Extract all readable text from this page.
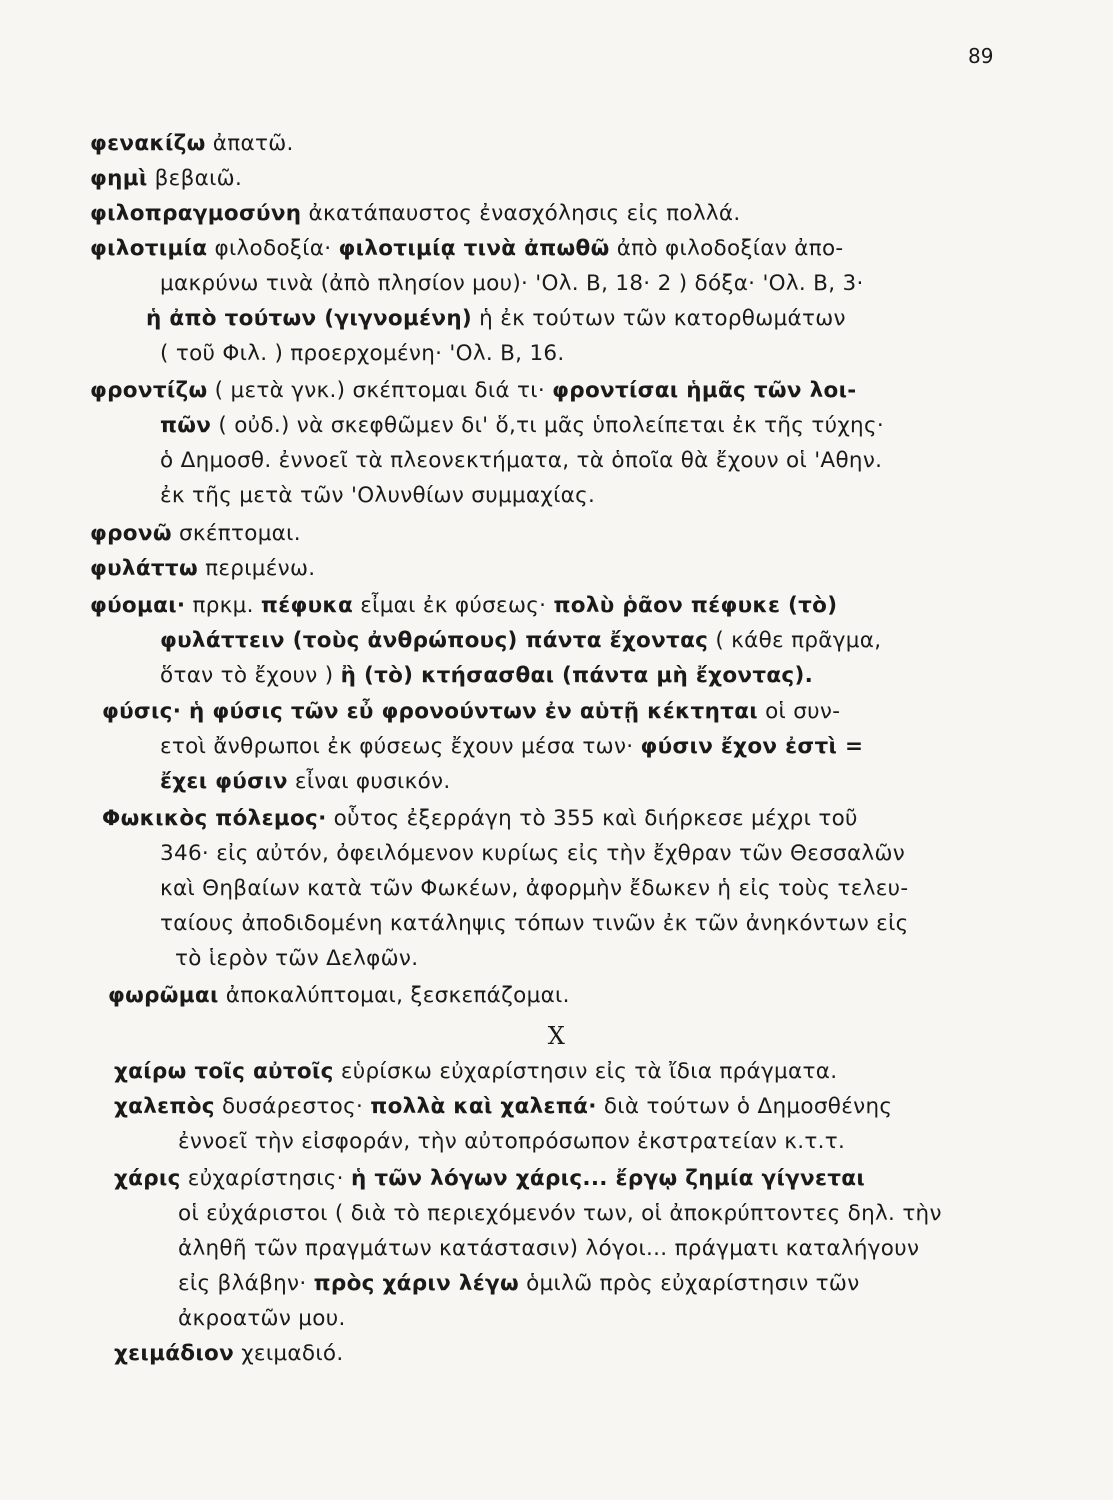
89
φενακίζω ἀπατῶ.
φημὶ βεβαιῶ.
φιλοπραγμοσύνη ἀκατάπαυστος ἐνασχόλησις εἰς πολλά.
φιλοτιμία φιλοδοξία· φιλοτιμίᾳ τινὰ ἀπωθῶ ἀπὸ φιλοδοξίαν ἀπο-
μακρύνω τινὰ (ἀπὸ πλησίον μου)· 'Ολ. Β, 18· 2 ) δόξα· 'Ολ. Β, 3·
ἡ ἀπὸ τούτων (γιγνομένη) ἡ ἐκ τούτων τῶν κατορθωμάτων
( τοῦ Φιλ. ) προερχομένη· 'Ολ. Β, 16.
φροντίζω ( μετὰ γνκ.) σκέπτομαι διά τι· φροντίσαι ἡμᾶς τῶν λοι-
πῶν ( οὐδ.) νὰ σκεφθῶμεν δι' ὅ,τι μᾶς ὑπολείπεται ἐκ τῆς τύχης·
ὁ Δημοσθ. ἐννοεῖ τὰ πλεονεκτήματα, τὰ ὁποῖα θὰ ἔχουν οἱ 'Αθην.
ἐκ τῆς μετὰ τῶν 'Ολυνθίων συμμαχίας.
φρονῶ σκέπτομαι.
φυλάττω περιμένω.
φύομαι· πρκμ. πέφυκα εἶμαι ἐκ φύσεως· πολὺ ῥᾶον πέφυκε (τὸ)
φυλάττειν (τοὺς ἀνθρώπους) πάντα ἔχοντας ( κάθε πρᾶγμα,
ὅταν τὸ ἔχουν ) ἢ (τὸ) κτήσασθαι (πάντα μὴ ἔχοντας).
φύσις· ἡ φύσις τῶν εὖ φρονούντων ἐν αὑτῇ κέκτηται οἱ συν-
ετοὶ ἄνθρωποι ἐκ φύσεως ἔχουν μέσα των· φύσιν ἔχον ἐστὶ =
ἔχει φύσιν εἶναι φυσικόν.
Φωκικὸς πόλεμος· οὗτος ἐξερράγη τὸ 355 καὶ διήρκεσε μέχρι τοῦ
346· εἰς αὐτόν, ὀφειλόμενον κυρίως εἰς τὴν ἔχθραν τῶν Θεσσαλῶν
καὶ Θηβαίων κατὰ τῶν Φωκέων, ἀφορμὴν ἔδωκεν ἡ εἰς τοὺς τελευ-
ταίους ἀποδιδομένη κατάληψις τόπων τινῶν ἐκ τῶν ἀνηκόντων εἰς
τὸ ἱερὸν τῶν Δελφῶν.
φωρῶμαι ἀποκαλύπτομαι, ξεσκεπάζομαι.
Χ
χαίρω τοῖς αὐτοῖς εὑρίσκω εὐχαρίστησιν εἰς τὰ ἴδια πράγματα.
χαλεπὸς δυσάρεστος· πολλὰ καὶ χαλεπά· διὰ τούτων ὁ Δημοσθένης
ἐννοεῖ τὴν εἰσφοράν, τὴν αὐτοπρόσωπον ἐκστρατείαν κ.τ.τ.
χάρις εὐχαρίστησις· ἡ τῶν λόγων χάρις... ἔργῳ ζημία γίγνεται
οἱ εὐχάριστοι ( διὰ τὸ περιεχόμενόν των, οἱ ἀποκρύπτοντες δηλ. τὴν
ἀληθῆ τῶν πραγμάτων κατάστασιν) λόγοι... πράγματι καταλήγουν
εἰς βλάβην· πρὸς χάριν λέγω ὁμιλῶ πρὸς εὐχαρίστησιν τῶν
ἀκροατῶν μου.
χειμάδιον χειμαδιό.
